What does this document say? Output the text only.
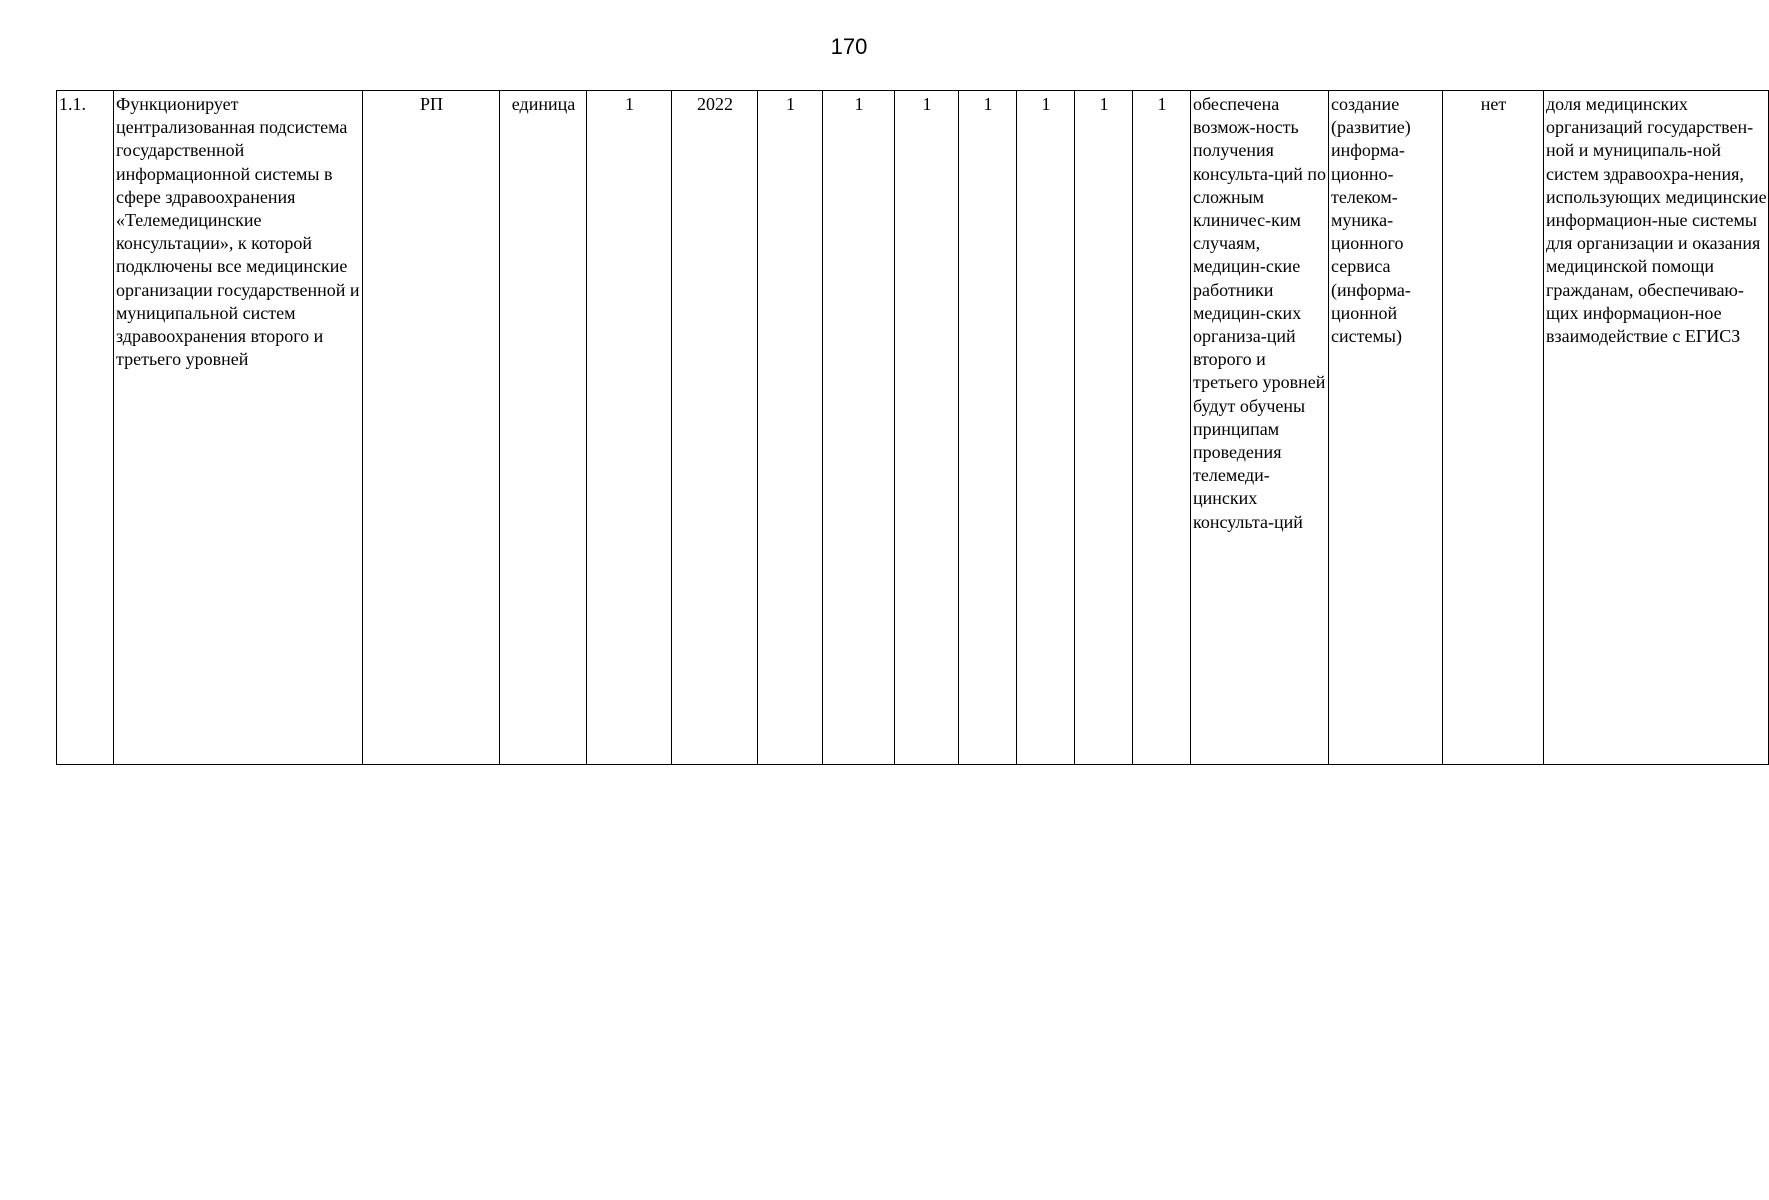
170
1.1.	Функционирует централизованная подсистема государственной информационной системы в сфере здравоохранения «Телемедицинские консультации», к которой подключены все медицинские организации государственной и муниципальной систем здравоохранения второго и третьего уровней	РП	единица	1	2022	1	1	1	1	1	1	1	обеспечена возмож-ность получения консульта-ций по сложным клиничес-ким случаям, медицин-ские работники медицин-ских организа-ций второго и третьего уровней будут обучены принципам проведения телемеди-цинских консульта-ций	создание (развитие) информа-ционно-телеком-муника-ционного сервиса (информа-ционной системы)	нет	доля медицинских организаций государствен-ной и муниципаль-ной систем здравоохра-нения, использующих медицинские информацион-ные системы для организации и оказания медицинской помощи гражданам, обеспечиваю-щих информацион-ное взаимодействие с ЕГИСЗ
